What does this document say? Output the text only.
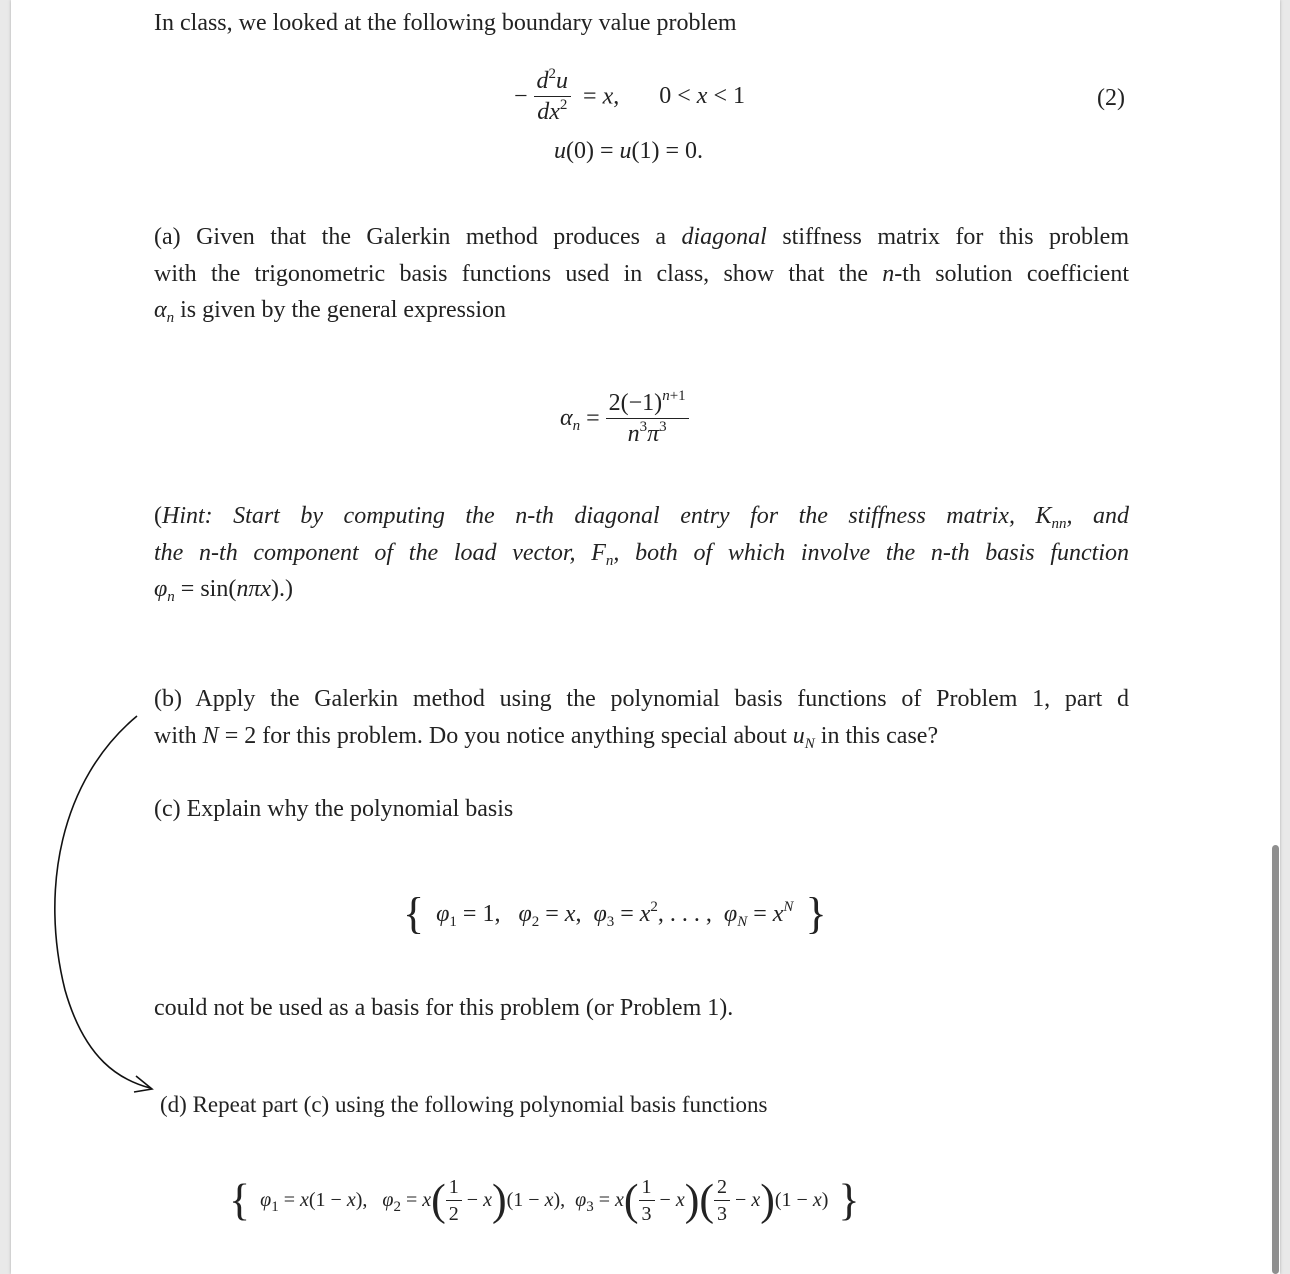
In class, we looked at the following boundary value problem
− $\frac{d^2u}{dx^2} = x$, 0 < x < 1	(2)
u(0) = u(1) = 0.
(a) Given that the Galerkin method produces a diagonal stiffness matrix for this problem
with the trigonometric basis functions used in class, show that the n-th solution coefficient
$\alpha_n$ is given by the general expression
$\alpha_n = \frac{2(-1)^{n+1}}{n^3\pi^3}$
(Hint: Start by computing the n-th diagonal entry for the stiffness matrix, $K_{nn}$, and
the n-th component of the load vector, $F_n$, both of which involve the n-th basis function
$\varphi_n = \sin(n\pi x)$.)
(b) Apply the Galerkin method using the polynomial basis functions of Problem 1, part d
with N = 2 for this problem. Do you notice anything special about $u_N$ in this case?
(c) Explain why the polynomial basis
{ $\varphi_1 = 1$,   $\varphi_2 = x$,  $\varphi_3 = x^2$, . . . ,  $\varphi_N = x^N$ }
could not be used as a basis for this problem (or Problem 1).
(d) Repeat part (c) using the following polynomial basis functions
{ $\varphi_1 = x(1 - x)$,   $\varphi_2 = x( \frac{1}{2} - x)(1 - x)$,  $\varphi_3 = x( \frac{1}{3} - x)( \frac{2}{3} - x)(1 - x)$  }
